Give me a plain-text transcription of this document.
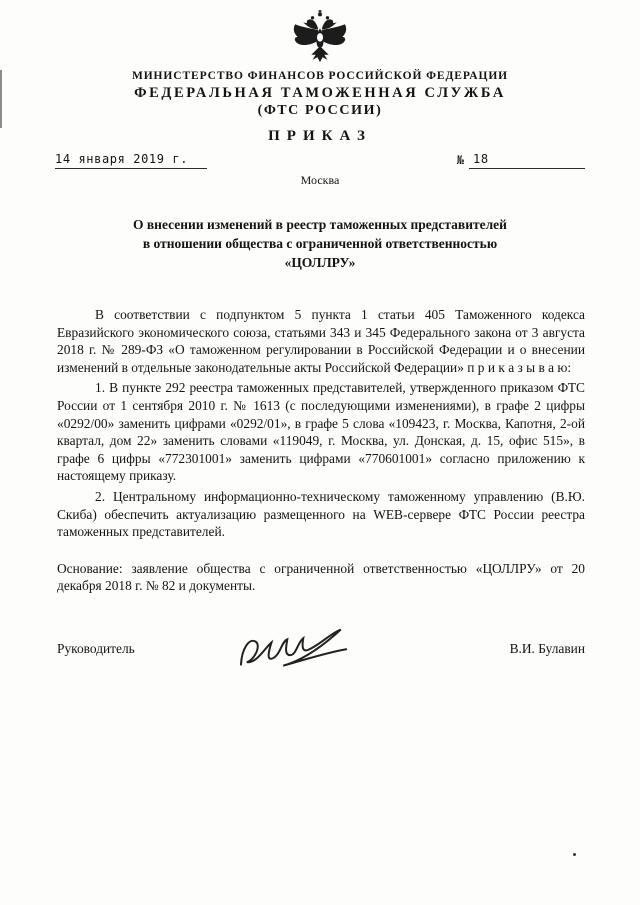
МИНИСТЕРСТВО ФИНАНСОВ РОССИЙСКОЙ ФЕДЕРАЦИИ
ФЕДЕРАЛЬНАЯ ТАМОЖЕННАЯ СЛУЖБА
(ФТС РОССИИ)
ПРИКАЗ
14 января 2019 г.	№ 18
Москва
О внесении изменений в реестр таможенных представителей
в отношении общества с ограниченной ответственностью
«ЦОЛЛРУ»

В соответствии с подпунктом 5 пункта 1 статьи 405 Таможенного кодекса Евразийского экономического союза, статьями 343 и 345 Федерального закона от 3 августа 2018 г. № 289-ФЗ «О таможенном регулировании в Российской Федерации и о внесении изменений в отдельные законодательные акты Российской Федерации» п р и к а з ы в а ю:

1. В пункте 292 реестра таможенных представителей, утвержденного приказом ФТС России от 1 сентября 2010 г. № 1613 (с последующими изменениями), в графе 2 цифры «0292/00» заменить цифрами «0292/01», в графе 5 слова «109423, г. Москва, Капотня, 2-ой квартал, дом 22» заменить словами «119049, г. Москва, ул. Донская, д. 15, офис 515», в графе 6 цифры «772301001» заменить цифрами «770601001» согласно приложению к настоящему приказу.

2. Центральному информационно-техническому таможенному управлению (В.Ю. Скиба) обеспечить актуализацию размещенного на WEB-сервере ФТС России реестра таможенных представителей.

Основание: заявление общества с ограниченной ответственностью «ЦОЛЛРУ» от 20 декабря 2018 г. № 82 и документы.

Руководитель	В.И. Булавин
